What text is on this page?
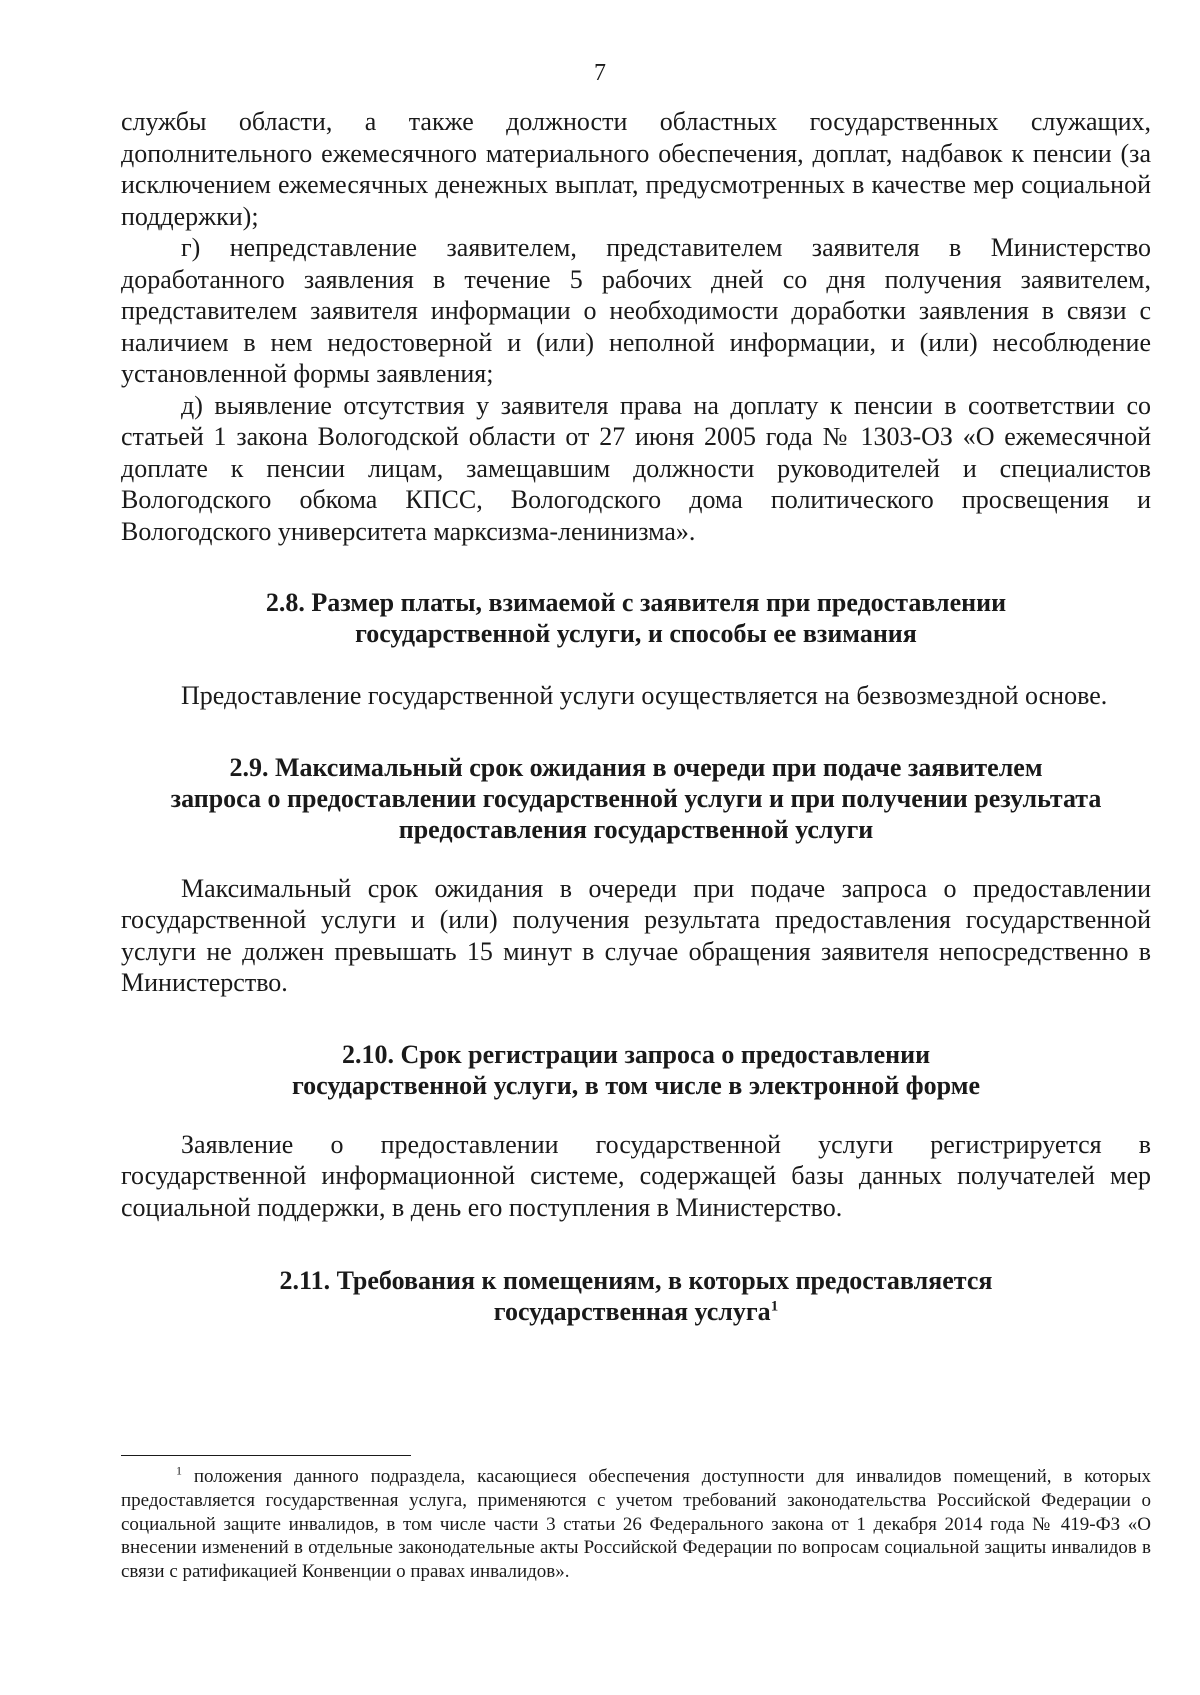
7

службы области, а также должности областных государственных служащих, дополнительного ежемесячного материального обеспечения, доплат, надбавок к пенсии (за исключением ежемесячных денежных выплат, предусмотренных в качестве мер социальной поддержки);

г) непредставление заявителем, представителем заявителя в Министерство доработанного заявления в течение 5 рабочих дней со дня получения заявителем, представителем заявителя информации о необходимости доработки заявления в связи с наличием в нем недостоверной и (или) неполной информации, и (или) несоблюдение установленной формы заявления;

д) выявление отсутствия у заявителя права на доплату к пенсии в соответствии со статьей 1 закона Вологодской области от 27 июня 2005 года № 1303-ОЗ «О ежемесячной доплате к пенсии лицам, замещавшим должности руководителей и специалистов Вологодского обкома КПСС, Вологодского дома политического просвещения и Вологодского университета марксизма-ленинизма».

2.8. Размер платы, взимаемой с заявителя при предоставлении
государственной услуги, и способы ее взимания

Предоставление государственной услуги осуществляется на безвозмездной основе.

2.9. Максимальный срок ожидания в очереди при подаче заявителем
запроса о предоставлении государственной услуги и при получении результата
предоставления государственной услуги

Максимальный срок ожидания в очереди при подаче запроса о предоставлении государственной услуги и (или) получения результата предоставления государственной услуги не должен превышать 15 минут в случае обращения заявителя непосредственно в Министерство.

2.10. Срок регистрации запроса о предоставлении
государственной услуги, в том числе в электронной форме

Заявление о предоставлении государственной услуги регистрируется в государственной информационной системе, содержащей базы данных получателей мер социальной поддержки, в день его поступления в Министерство.

2.11. Требования к помещениям, в которых предоставляется
государственная услуга$^1$
$^1$ положения данного подраздела, касающиеся обеспечения доступности для инвалидов помещений, в которых предоставляется государственная услуга, применяются с учетом требований законодательства Российской Федерации о социальной защите инвалидов, в том числе части 3 статьи 26 Федерального закона от 1 декабря 2014 года № 419-ФЗ «О внесении изменений в отдельные законодательные акты Российской Федерации по вопросам социальной защиты инвалидов в связи с ратификацией Конвенции о правах инвалидов».
